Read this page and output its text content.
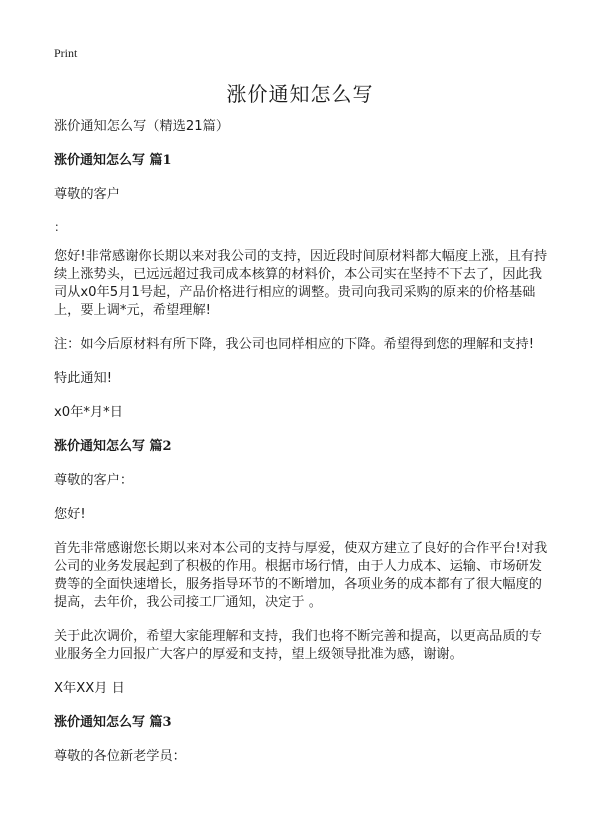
Print
涨价通知怎么写

涨价通知怎么写（精选21篇）

涨价通知怎么写 篇1

尊敬的客户

：

您好!非常感谢你长期以来对我公司的支持，因近段时间原材料都大幅度上涨，且有持续上涨势头，已远远超过我司成本核算的材料价，本公司实在坚持不下去了，因此我司从x0年5月1号起，产品价格进行相应的调整。贵司向我司采购的原来的价格基础上，要上调*元，希望理解!

注：如今后原材料有所下降，我公司也同样相应的下降。希望得到您的理解和支持!

特此通知!

x0年*月*日

涨价通知怎么写 篇2

尊敬的客户：

您好!

首先非常感谢您长期以来对本公司的支持与厚爱，使双方建立了良好的合作平台!对我公司的业务发展起到了积极的作用。根据市场行情，由于人力成本、运输、市场研发费等的全面快速增长，服务指导环节的不断增加，各项业务的成本都有了很大幅度的提高，去年价，我公司接工厂通知，决定于 。

关于此次调价，希望大家能理解和支持，我们也将不断完善和提高，以更高品质的专业服务全力回报广大客户的厚爱和支持，望上级领导批准为感，谢谢。

X年XX月 日

涨价通知怎么写 篇3

尊敬的各位新老学员：
